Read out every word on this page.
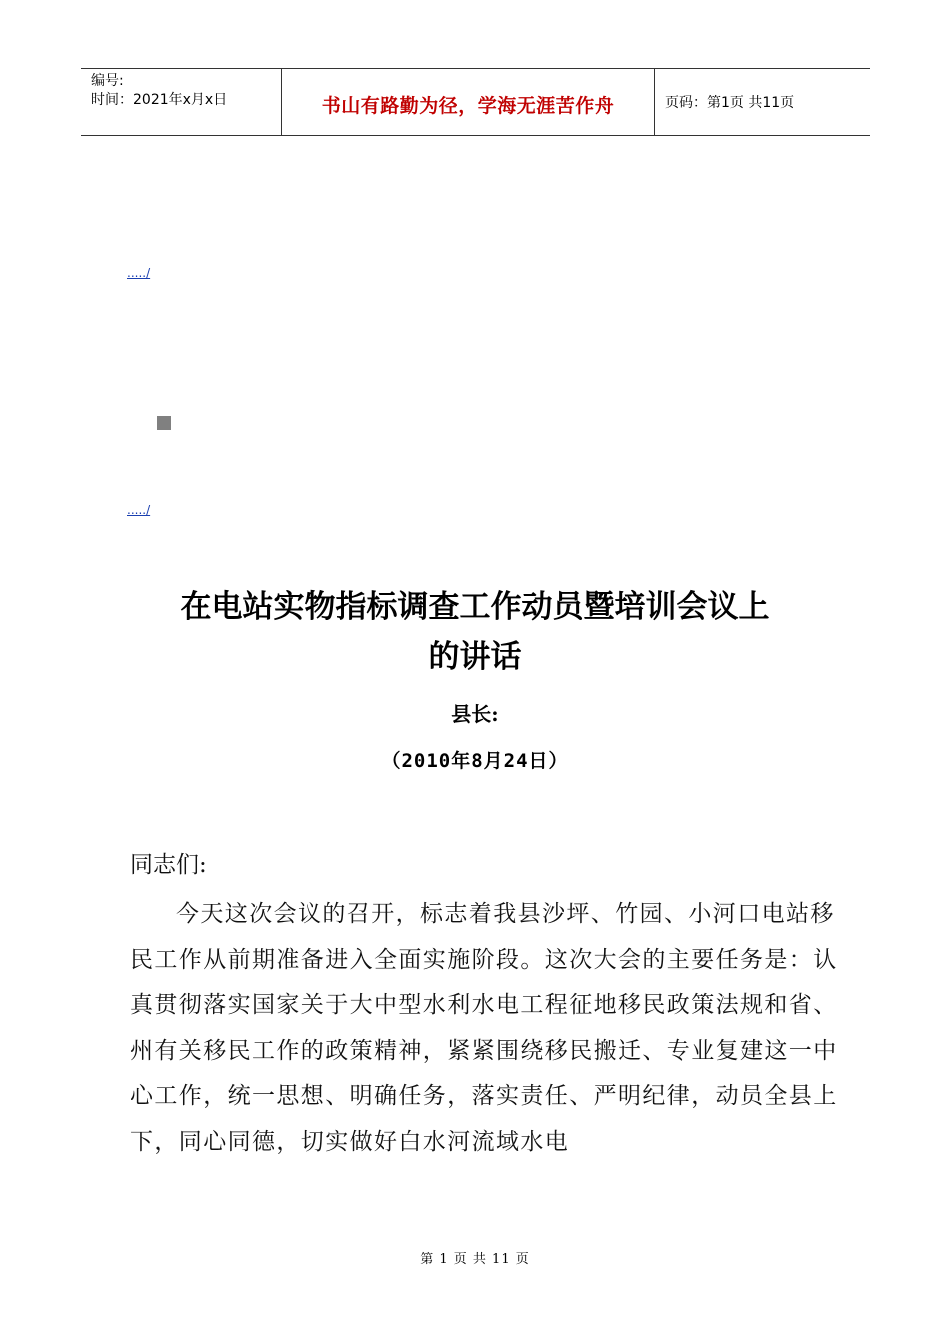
编号:
时间：2021年x月x日	书山有路勤为径，学海无涯苦作舟	页码：第1页 共11页
...../
...../
在电站实物指标调查工作动员暨培训会议上
的讲话
县长:
（2010年8月24日）
同志们:
今天这次会议的召开，标志着我县沙坪、竹园、小河口电站移民工作从前期准备进入全面实施阶段。这次大会的主要任务是：认真贯彻落实国家关于大中型水利水电工程征地移民政策法规和省、州有关移民工作的政策精神，紧紧围绕移民搬迁、专业复建这一中心工作，统一思想、明确任务，落实责任、严明纪律，动员全县上下，同心同德，切实做好白水河流域水电
第 1 页 共 11 页
